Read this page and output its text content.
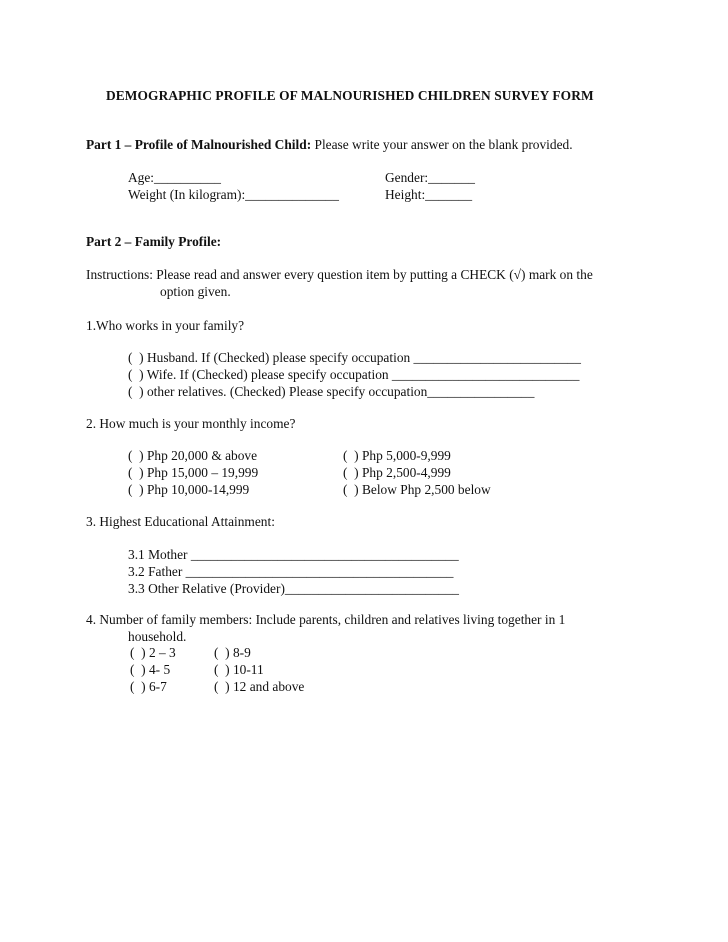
DEMOGRAPHIC PROFILE OF MALNOURISHED CHILDREN SURVEY FORM
Part 1 – Profile of Malnourished Child: Please write your answer on the blank provided.
Age:__________	Gender:_______
Weight (In kilogram):______________	Height:_______
Part 2 – Family Profile:
Instructions: Please read and answer every question item by putting a CHECK (√) mark on the
option given.
1.Who works in your family?
(  ) Husband. If (Checked) please specify occupation _________________________
(  ) Wife. If (Checked) please specify occupation ____________________________
(  ) other relatives. (Checked) Please specify occupation________________
2. How much is your monthly income?
(  ) Php 20,000 & above
(  ) Php 15,000 – 19,999
(  ) Php 10,000-14,999
(  ) Php 5,000-9,999
(  ) Php 2,500-4,999
(  ) Below Php 2,500 below
3. Highest Educational Attainment:
3.1 Mother ________________________________________
3.2 Father ________________________________________
3.3 Other Relative (Provider)__________________________
4. Number of family members: Include parents, children and relatives living together in 1
household.
(  ) 2 – 3
(  ) 4- 5
(  ) 6-7
(  ) 8-9
(  ) 10-11
(  ) 12 and above
